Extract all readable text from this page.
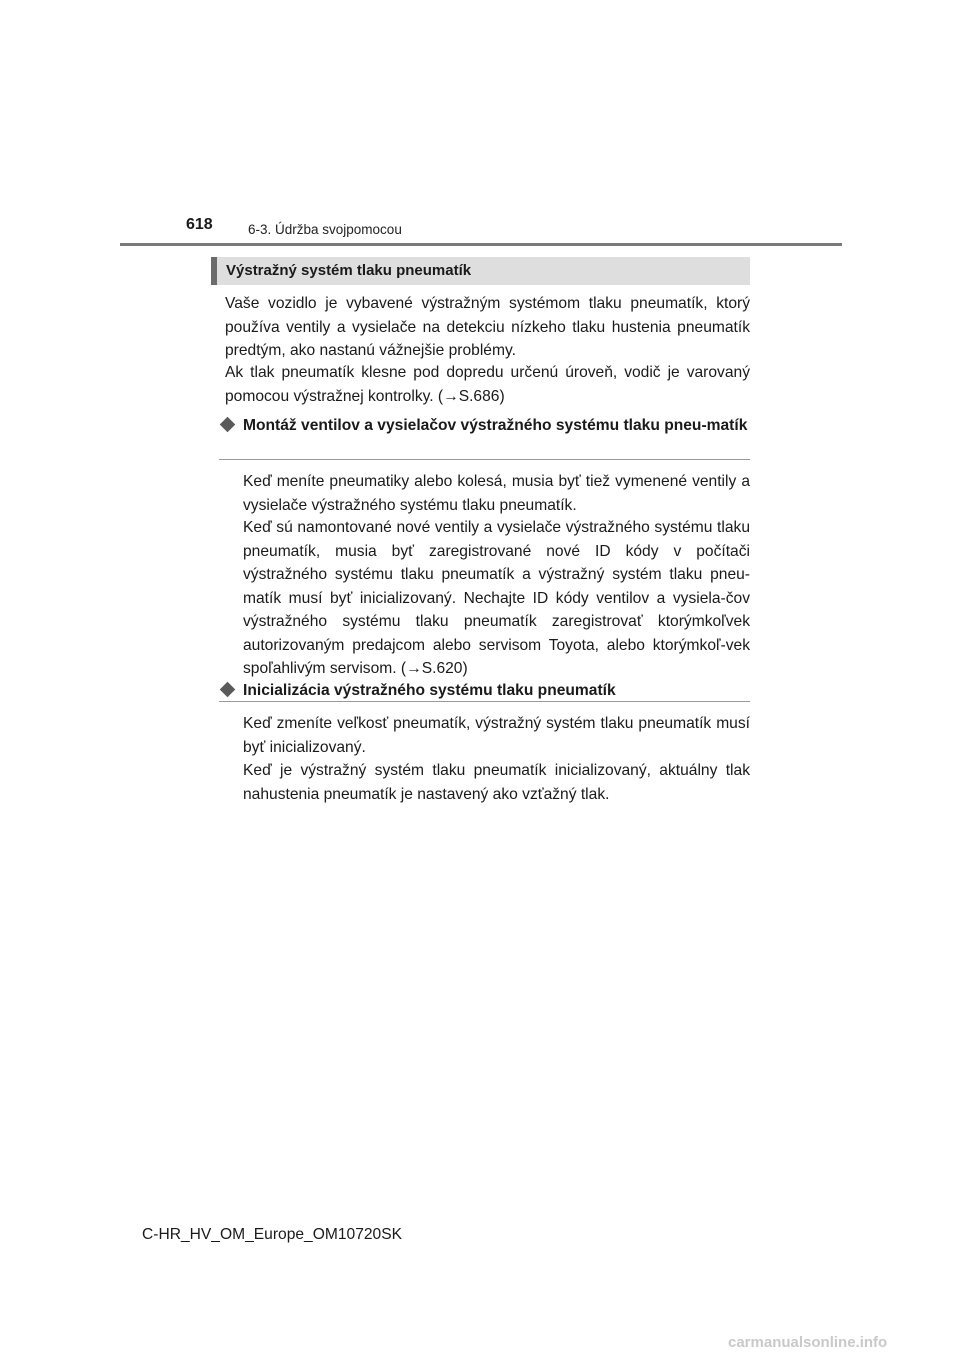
618	6-3. Údržba svojpomocou
Výstražný systém tlaku pneumatík

Vaše vozidlo je vybavené výstražným systémom tlaku pneumatík, ktorý používa ventily a vysielače na detekciu nízkeho tlaku hustenia pneumatík predtým, ako nastanú vážnejšie problémy.

Ak tlak pneumatík klesne pod dopredu určenú úroveň, vodič je varovaný pomocou výstražnej kontrolky. (→S.686)

Montáž ventilov a vysielačov výstražného systému tlaku pneu-matík

Keď meníte pneumatiky alebo kolesá, musia byť tiež vymenené ventily a vysielače výstražného systému tlaku pneumatík.

Keď sú namontované nové ventily a vysielače výstražného systému tlaku pneumatík, musia byť zaregistrované nové ID kódy v počítači výstražného systému tlaku pneumatík a výstražný systém tlaku pneu-matík musí byť inicializovaný. Nechajte ID kódy ventilov a vysiela-čov výstražného systému tlaku pneumatík zaregistrovať ktorýmkoľvek autorizovaným predajcom alebo servisom Toyota, alebo ktorýmkoľ-vek spoľahlivým servisom. (→S.620)

Inicializácia výstražného systému tlaku pneumatík

Keď zmeníte veľkosť pneumatík, výstražný systém tlaku pneumatík musí byť inicializovaný.

Keď je výstražný systém tlaku pneumatík inicializovaný, aktuálny tlak nahustenia pneumatík je nastavený ako vzťažný tlak.

C-HR_HV_OM_Europe_OM10720SK
carmanualsonline.info
